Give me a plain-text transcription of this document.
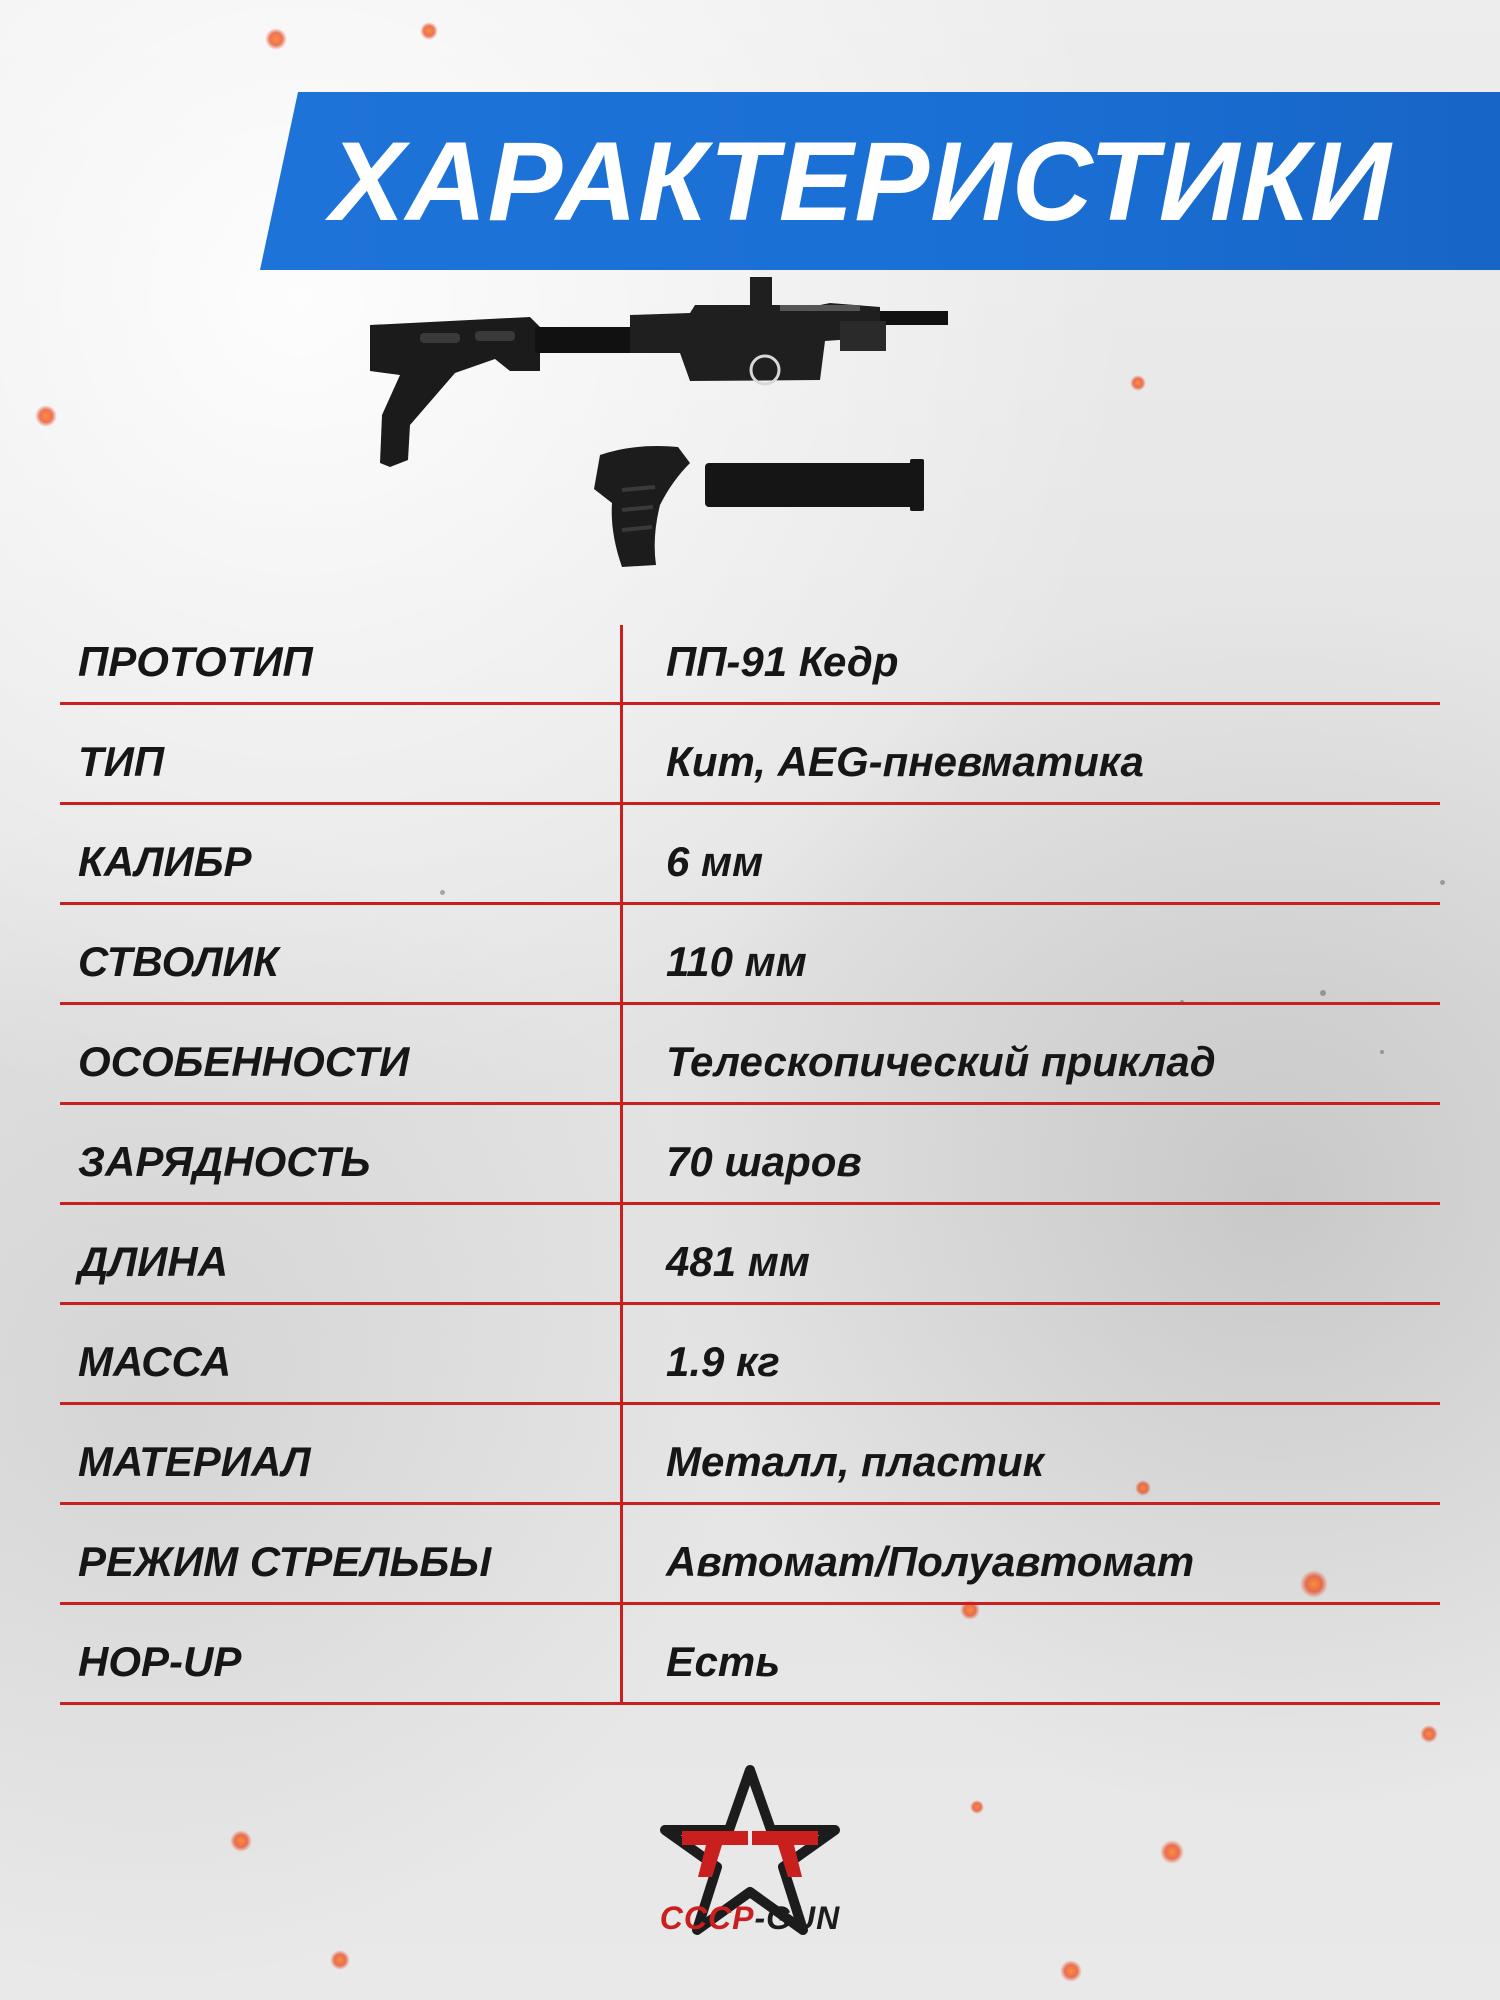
ХАРАКТЕРИСТИКИ
ПРОТОТИП	ПП-91 Кедр
ТИП	Кит, AEG-пневматика
КАЛИБР	6 мм
СТВОЛИК	110 мм
ОСОБЕННОСТИ	Телескопический приклад
ЗАРЯДНОСТЬ	70 шаров
ДЛИНА	481 мм
МАССА	1.9 кг
МАТЕРИАЛ	Металл, пластик
РЕЖИМ СТРЕЛЬБЫ	Автомат/Полуавтомат
HOP-UP	Есть
СССР-GUN
